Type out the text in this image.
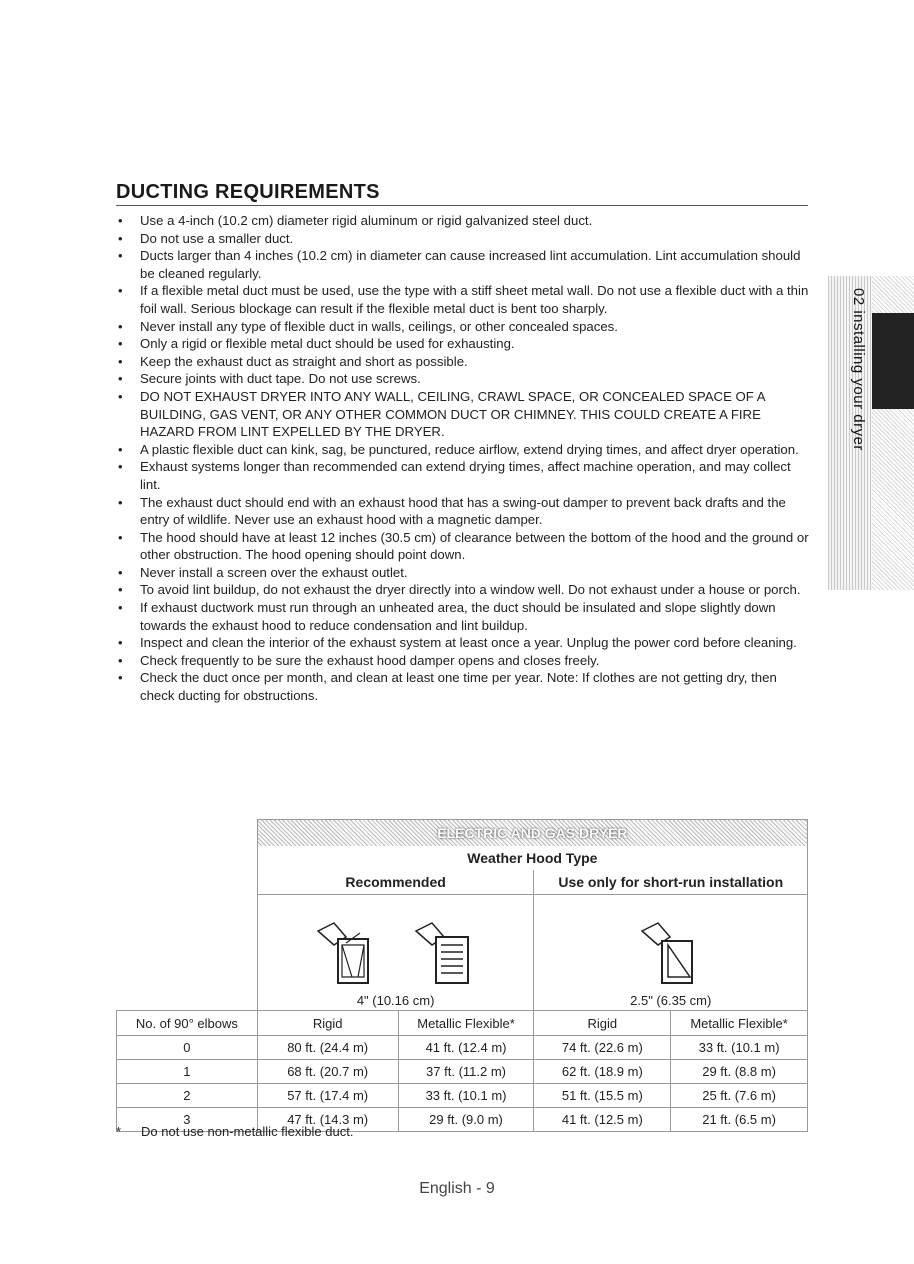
DUCTING REQUIREMENTS
• Use a 4-inch (10.2 cm) diameter rigid aluminum or rigid galvanized steel duct.
• Do not use a smaller duct.
• Ducts larger than 4 inches (10.2 cm) in diameter can cause increased lint accumulation. Lint accumulation should be cleaned regularly.
• If a flexible metal duct must be used, use the type with a stiff sheet metal wall. Do not use a flexible duct with a thin foil wall. Serious blockage can result if the flexible metal duct is bent too sharply.
• Never install any type of flexible duct in walls, ceilings, or other concealed spaces.
• Only a rigid or flexible metal duct should be used for exhausting.
• Keep the exhaust duct as straight and short as possible.
• Secure joints with duct tape. Do not use screws.
• DO NOT EXHAUST DRYER INTO ANY WALL, CEILING, CRAWL SPACE, OR CONCEALED SPACE OF A BUILDING, GAS VENT, OR ANY OTHER COMMON DUCT OR CHIMNEY. THIS COULD CREATE A FIRE HAZARD FROM LINT EXPELLED BY THE DRYER.
• A plastic flexible duct can kink, sag, be punctured, reduce airflow, extend drying times, and affect dryer operation.
• Exhaust systems longer than recommended can extend drying times, affect machine operation, and may collect lint.
• The exhaust duct should end with an exhaust hood that has a swing-out damper to prevent back drafts and the entry of wildlife. Never use an exhaust hood with a magnetic damper.
• The hood should have at least 12 inches (30.5 cm) of clearance between the bottom of the hood and the ground or other obstruction. The hood opening should point down.
• Never install a screen over the exhaust outlet.
• To avoid lint buildup, do not exhaust the dryer directly into a window well. Do not exhaust under a house or porch.
• If exhaust ductwork must run through an unheated area, the duct should be insulated and slope slightly down towards the exhaust hood to reduce condensation and lint buildup.
• Inspect and clean the interior of the exhaust system at least once a year. Unplug the power cord before cleaning.
• Check frequently to be sure the exhaust hood damper opens and closes freely.
• Check the duct once per month, and clean at least one time per year. Note: If clothes are not getting dry, then check ducting for obstructions.
02 installing your dryer
	ELECTRIC AND GAS DRYER			
	Weather Hood Type			
	Recommended		Use only for short-run installation	

	4" (10.16 cm)		2.5" (6.35 cm)	

No. of 90° elbows	Rigid	Metallic Flexible*	Rigid	Metallic Flexible*
0	80 ft. (24.4 m)	41 ft. (12.4 m)	74 ft. (22.6 m)	33 ft. (10.1 m)
1	68 ft. (20.7 m)	37 ft. (11.2 m)	62 ft. (18.9 m)	29 ft. (8.8 m)
2	57 ft. (17.4 m)	33 ft. (10.1 m)	51 ft. (15.5 m)	25 ft. (7.6 m)
3	47 ft. (14.3 m)	29 ft. (9.0 m)	41 ft. (12.5 m)	21 ft. (6.5 m)

* Do not use non-metallic flexible duct.

English - 9
